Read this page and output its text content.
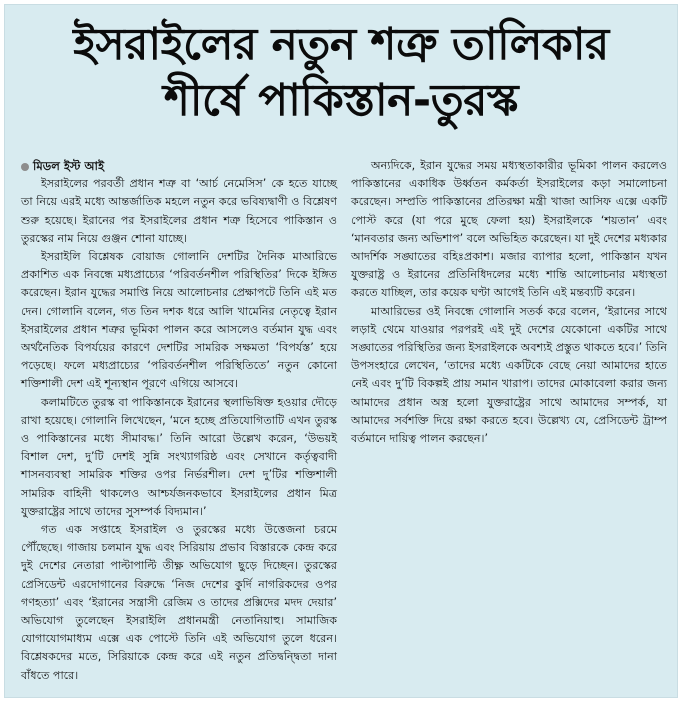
ইসরাইলের নতুন শত্রু তালিকার
শীর্ষে পাকিস্তান-তুরস্ক

মিডল ইস্ট আই

ইসরাইলের পরবর্তী প্রধান শত্রু বা ‘আর্চ নেমেসিস’ কে হতে যাচ্ছে তা নিয়ে এরই মধ্যে আন্তর্জাতিক মহলে নতুন করে ভবিষ্যদ্বাণী ও বিশ্লেষণ শুরু হয়েছে। ইরানের পর ইসরাইলের প্রধান শত্রু হিসেবে পাকিস্তান ও তুরস্কের নাম নিয়ে গুঞ্জন শোনা যাচ্ছে।

ইসরাইলি বিশ্লেষক বোয়াজ গোলানি দেশটির দৈনিক মাআরিভে প্রকাশিত এক নিবন্ধে মধ্যপ্রাচ্যের ‘পরিবর্তনশীল পরিস্থিতির’ দিকে ইঙ্গিত করেছেন। ইরান যুদ্ধের সমাপ্তি নিয়ে আলোচনার প্রেক্ষাপটে তিনি এই মত দেন। গোলানি বলেন, গত তিন দশক ধরে আলি খামেনির নেতৃত্বে ইরান ইসরাইলের প্রধান শত্রুর ভূমিকা পালন করে আসলেও বর্তমান যুদ্ধ এবং অর্থনৈতিক বিপর্যয়ের কারণে দেশটির সামরিক সক্ষমতা ‘বিপর্যস্ত’ হয়ে পড়েছে। ফলে মধ্যপ্রাচ্যের ‘পরিবর্তনশীল পরিস্থিতিতে’ নতুন কোনো শক্তিশালী দেশ এই শূন্যস্থান পূরণে এগিয়ে আসবে।

কলামটিতে তুরস্ক বা পাকিস্তানকে ইরানের স্থলাভিষিক্ত হওয়ার দৌড়ে রাখা হয়েছে। গোলানি লিখেছেন, ‘মনে হচ্ছে প্রতিযোগিতাটি এখন তুরস্ক ও পাকিস্তানের মধ্যে সীমাবদ্ধ।’ তিনি আরো উল্লেখ করেন, ‘উভয়ই বিশাল দেশ, দু’টি দেশই সুন্নি সংখ্যাগরিষ্ঠ এবং সেখানে কর্তৃত্ববাদী শাসনব্যবস্থা সামরিক শক্তির ওপর নির্ভরশীল। দেশ দু’টির শক্তিশালী সামরিক বাহিনী থাকলেও আশ্চর্যজনকভাবে ইসরাইলের প্রধান মিত্র যুক্তরাষ্ট্রের সাথে তাদের সুসম্পর্ক বিদ্যমান।’

গত এক সপ্তাহে ইসরাইল ও তুরস্কের মধ্যে উত্তেজনা চরমে পৌঁছেছে। গাজায় চলমান যুদ্ধ এবং সিরিয়ায় প্রভাব বিস্তারকে কেন্দ্র করে দুই দেশের নেতারা পাল্টাপাল্টি তীক্ষ্ণ অভিযোগ ছুড়ে দিচ্ছেন। তুরস্কের প্রেসিডেন্ট এরদোগানের বিরুদ্ধে ‘নিজ দেশের কুর্দি নাগরিকদের ওপর গণহত্যা’ এবং ‘ইরানের সন্ত্রাসী রেজিম ও তাদের প্রক্সিদের মদদ দেয়ার’ অভিযোগ তুলেছেন ইসরাইলি প্রধানমন্ত্রী নেতানিয়াহু। সামাজিক যোগাযোগমাধ্যম এক্সে এক পোস্টে তিনি এই অভিযোগ তুলে ধরেন। বিশ্লেষকদের মতে, সিরিয়াকে কেন্দ্র করে এই নতুন প্রতিদ্বন্দ্বিতা দানা বাঁধতে পারে।

অন্যদিকে, ইরান যুদ্ধের সময় মধ্যস্থতাকারীর ভূমিকা পালন করলেও পাকিস্তানের একাধিক উর্ধ্বতন কর্মকর্তা ইসরাইলের কড়া সমালোচনা করেছেন। সম্প্রতি পাকিস্তানের প্রতিরক্ষা মন্ত্রী খাজা আসিফ এক্সে একটি পোস্ট করে (যা পরে মুছে ফেলা হয়) ইসরাইলকে ‘শয়তান’ এবং ‘মানবতার জন্য অভিশাপ’ বলে অভিহিত করেছেন। যা দুই দেশের মধ্যকার আদর্শিক সঙ্ঘাতের বহিঃপ্রকাশ। মজার ব্যাপার হলো, পাকিস্তান যখন যুক্তরাষ্ট্র ও ইরানের প্রতিনিধিদলের মধ্যে শান্তি আলোচনার মধ্যস্থতা করতে যাচ্ছিল, তার কয়েক ঘণ্টা আগেই তিনি এই মন্তব্যটি করেন।

মাআরিভের ওই নিবন্ধে গোলানি সতর্ক করে বলেন, ‘ইরানের সাথে লড়াই থেমে যাওয়ার পরপরই এই দুই দেশের যেকোনো একটির সাথে সঙ্ঘাতের পরিস্থিতির জন্য ইসরাইলকে অবশ্যই প্রস্তুত থাকতে হবে।’ তিনি উপসংহারে লেখেন, ‘তাদের মধ্যে একটিকে বেছে নেয়া আমাদের হাতে নেই এবং দু’টি বিকল্পই প্রায় সমান খারাপ। তাদের মোকাবেলা করার জন্য আমাদের প্রধান অস্ত্র হলো যুক্তরাষ্ট্রের সাথে আমাদের সম্পর্ক, যা আমাদের সর্বশক্তি দিয়ে রক্ষা করতে হবে। উল্লেখ্য যে, প্রেসিডেন্ট ট্রাম্প বর্তমানে দায়িত্ব পালন করছেন।’
